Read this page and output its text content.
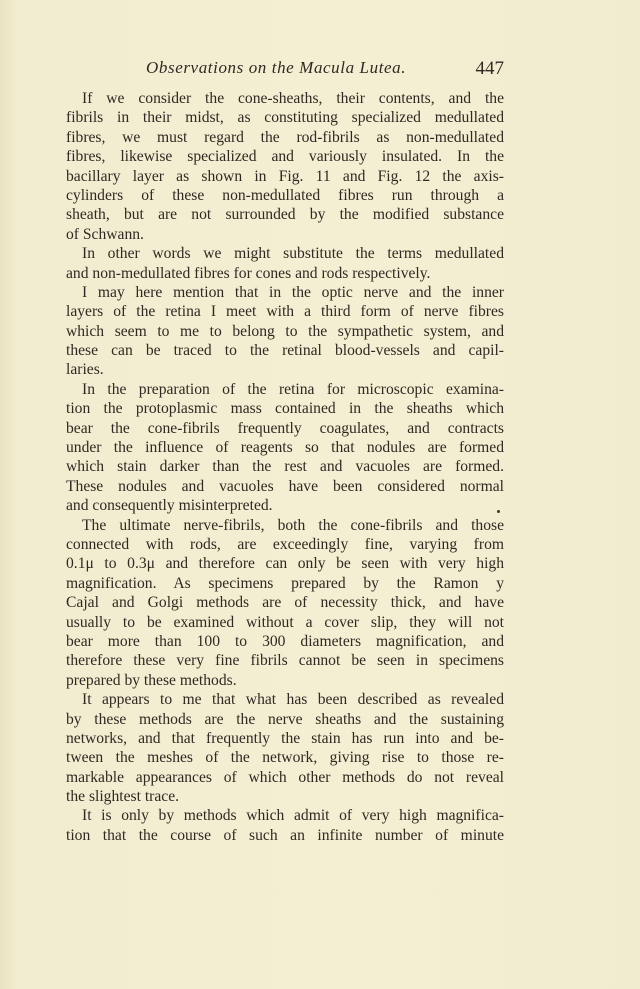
Observations on the Macula Lutea.	447
If we consider the cone-sheaths, their contents, and the
fibrils in their midst, as constituting specialized medullated
fibres, we must regard the rod-fibrils as non-medullated
fibres, likewise specialized and variously insulated. In the
bacillary layer as shown in Fig. 11 and Fig. 12 the axis-
cylinders of these non-medullated fibres run through a
sheath, but are not surrounded by the modified substance
of Schwann.
In other words we might substitute the terms medullated
and non-medullated fibres for cones and rods respectively.
I may here mention that in the optic nerve and the inner
layers of the retina I meet with a third form of nerve fibres
which seem to me to belong to the sympathetic system, and
these can be traced to the retinal blood-vessels and capil-
laries.
In the preparation of the retina for microscopic examina-
tion the protoplasmic mass contained in the sheaths which
bear the cone-fibrils frequently coagulates, and contracts
under the influence of reagents so that nodules are formed
which stain darker than the rest and vacuoles are formed.
These nodules and vacuoles have been considered normal
and consequently misinterpreted.
The ultimate nerve-fibrils, both the cone-fibrils and those
connected with rods, are exceedingly fine, varying from
0.1μ to 0.3μ and therefore can only be seen with very high
magnification. As specimens prepared by the Ramon y
Cajal and Golgi methods are of necessity thick, and have
usually to be examined without a cover slip, they will not
bear more than 100 to 300 diameters magnification, and
therefore these very fine fibrils cannot be seen in specimens
prepared by these methods.
It appears to me that what has been described as revealed
by these methods are the nerve sheaths and the sustaining
networks, and that frequently the stain has run into and be-
tween the meshes of the network, giving rise to those re-
markable appearances of which other methods do not reveal
the slightest trace.
It is only by methods which admit of very high magnifica-
tion that the course of such an infinite number of minute
